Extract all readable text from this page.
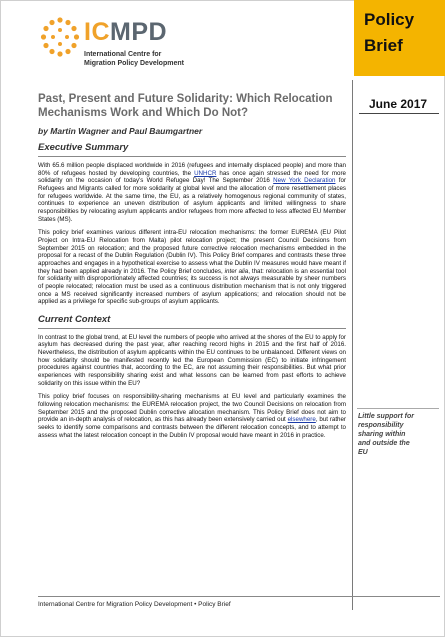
ICMPD
International Centre for
Migration Policy Development
Policy
Brief
June 2017
Past, Present and Future Solidarity: Which Relocation Mechanisms Work and Which Do Not?
by Martin Wagner and Paul Baumgartner
Executive Summary

With 65.6 million people displaced worldwide in 2016 (refugees and internally displaced people) and more than 80% of refugees hosted by developing countries, the UNHCR has once again stressed the need for more solidarity on the occasion of today's World Refugee Day! The September 2016 New York Declaration for Refugees and Migrants called for more solidarity at global level and the allocation of more resettlement places for refugees worldwide. At the same time, the EU, as a relatively homogenous regional community of states, continues to experience an uneven distribution of asylum applicants and limited willingness to share responsibilities by relocating asylum applicants and/or refugees from more affected to less affected EU Member States (MS).

This policy brief examines various different intra-EU relocation mechanisms: the former EUREMA (EU Pilot Project on Intra-EU Relocation from Malta) pilot relocation project; the present Council Decisions from September 2015 on relocation; and the proposed future corrective relocation mechanisms embedded in the proposal for a recast of the Dublin Regulation (Dublin IV). This Policy Brief compares and contrasts these three approaches and engages in a hypothetical exercise to assess what the Dublin IV measures would have meant if they had been applied already in 2016. The Policy Brief concludes, inter alia, that: relocation is an essential tool for solidarity with disproportionately affected countries; its success is not always measurable by sheer numbers of people relocated; relocation must be used as a continuous distribution mechanism that is not only triggered once a MS received significantly increased numbers of asylum applications; and relocation should not be applied as a privilege for specific sub-groups of asylum applicants.

Current Context

In contrast to the global trend, at EU level the numbers of people who arrived at the shores of the EU to apply for asylum has decreased during the past year, after reaching record highs in 2015 and the first half of 2016. Nevertheless, the distribution of asylum applicants within the EU continues to be unbalanced. Different views on how solidarity should be manifested recently led the European Commission (EC) to initiate infringement procedures against countries that, according to the EC, are not assuming their responsibilities. But what prior experiences with responsibility sharing exist and what lessons can be learned from past efforts to achieve solidarity on this issue within the EU?

This policy brief focuses on responsibility-sharing mechanisms at EU level and particularly examines the following relocation mechanisms: the EUREMA relocation project, the two Council Decisions on relocation from September 2015 and the proposed Dublin corrective allocation mechanism. This Policy Brief does not aim to provide an in-depth analysis of relocation, as this has already been extensively carried out elsewhere, but rather seeks to identify some comparisons and contrasts between the different relocation concepts, and to attempt to assess what the latest relocation concept in the Dublin IV proposal would have meant in 2016 in practice.

Little support for
responsibility
sharing within
and outside the
EU
International Centre for Migration Policy Development • Policy Brief
